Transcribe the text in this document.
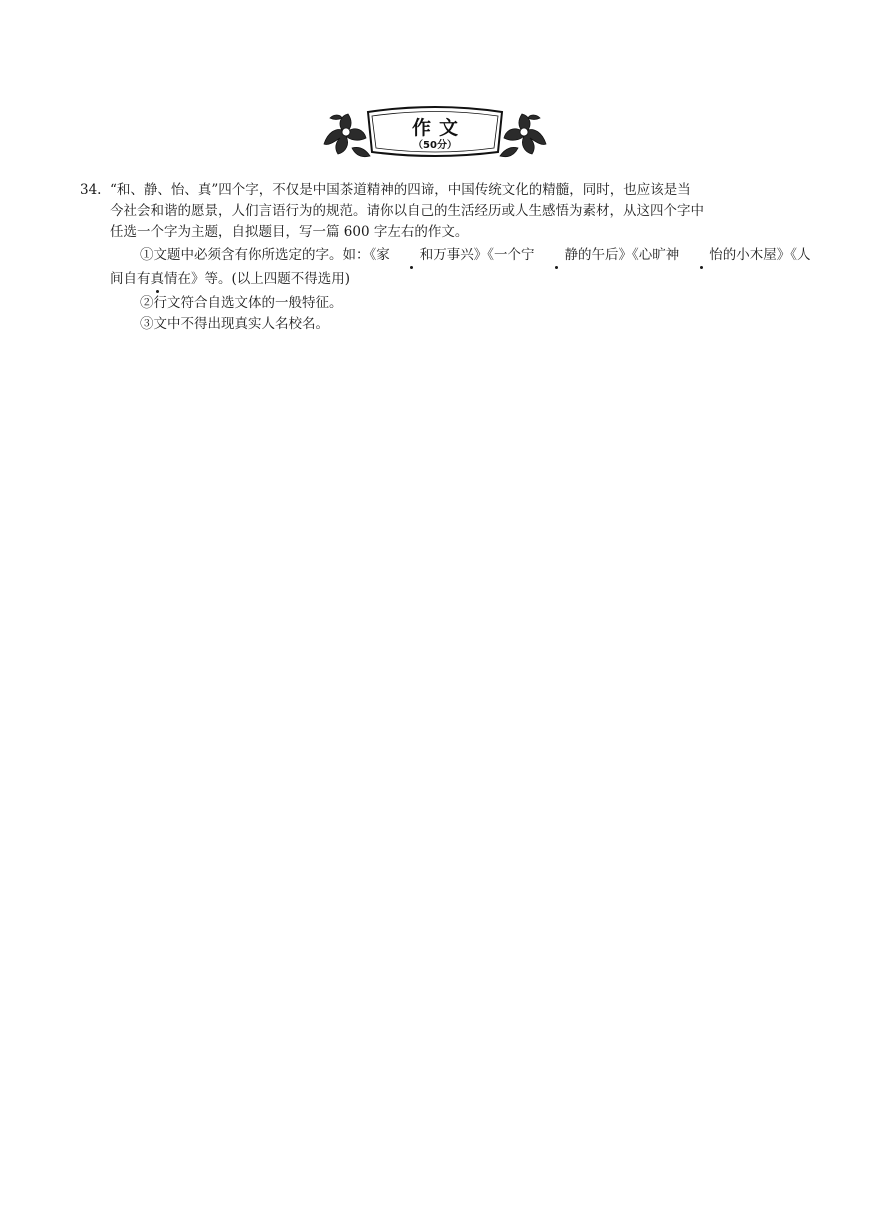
作文
（50分）
34. “和、静、怡、真”四个字，不仅是中国茶道精神的四谛，中国传统文化的精髓，同时，也应该是当
今社会和谐的愿景，人们言语行为的规范。请你以自己的生活经历或人生感悟为素材，从这四个字中
任选一个字为主题，自拟题目，写一篇 600 字左右的作文。
①文题中必须含有你所选定的字。如：《家 和万事兴》《一个宁 静的午后》《心旷神 怡的小木屋》《人
间自有真情在》等。(以上四题不得选用)
②行文符合自选文体的一般特征。
③文中不得出现真实人名校名。
